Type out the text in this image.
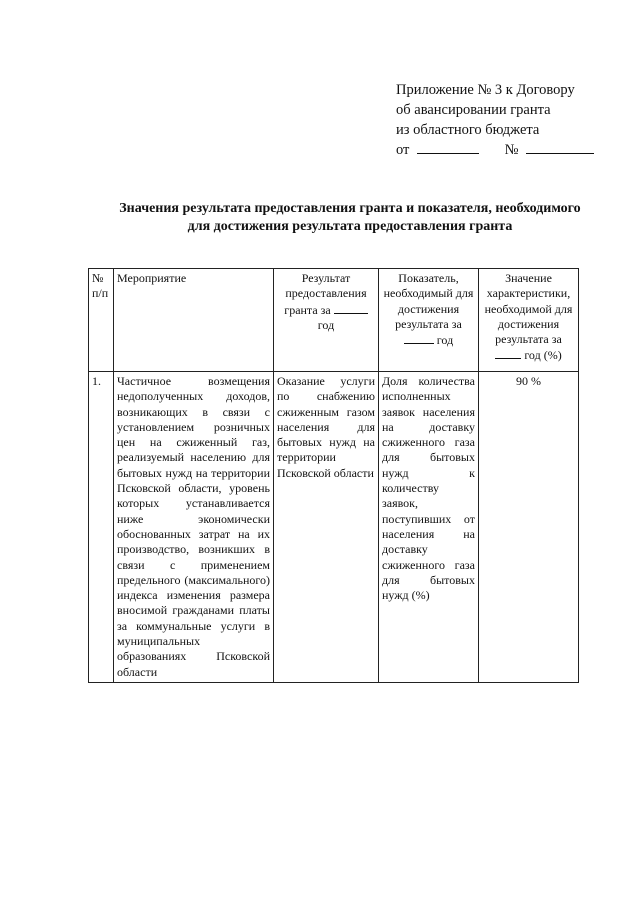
Приложение № 3 к Договору
об авансировании гранта
из областного бюджета
от	№
Значения результата предоставления гранта и показателя, необходимого
для достижения результата предоставления гранта
№ п/п	Мероприятие	Результат предоставления гранта за  год	Показатель, необходимый для достижения результата за  год	Значение характеристики, необходимой для достижения результата за  год (%)
1.	Частичное возмещения недополученных доходов, возникающих в связи с установлением розничных цен на сжиженный газ, реализуемый населению для бытовых нужд на территории Псковской области, уровень которых устанавливается ниже экономически обоснованных затрат на их производство, возникших в связи с применением предельного (максимального) индекса изменения размера вносимой гражданами платы за коммунальные услуги в муниципальных образованиях Псковской области	Оказание услуги по снабжению сжиженным газом населения для бытовых нужд на территории Псковской области	Доля количества исполненных заявок населения на доставку сжиженного газа для бытовых нужд к количеству заявок, поступивших от населения на доставку сжиженного газа для бытовых нужд (%)	90 %
